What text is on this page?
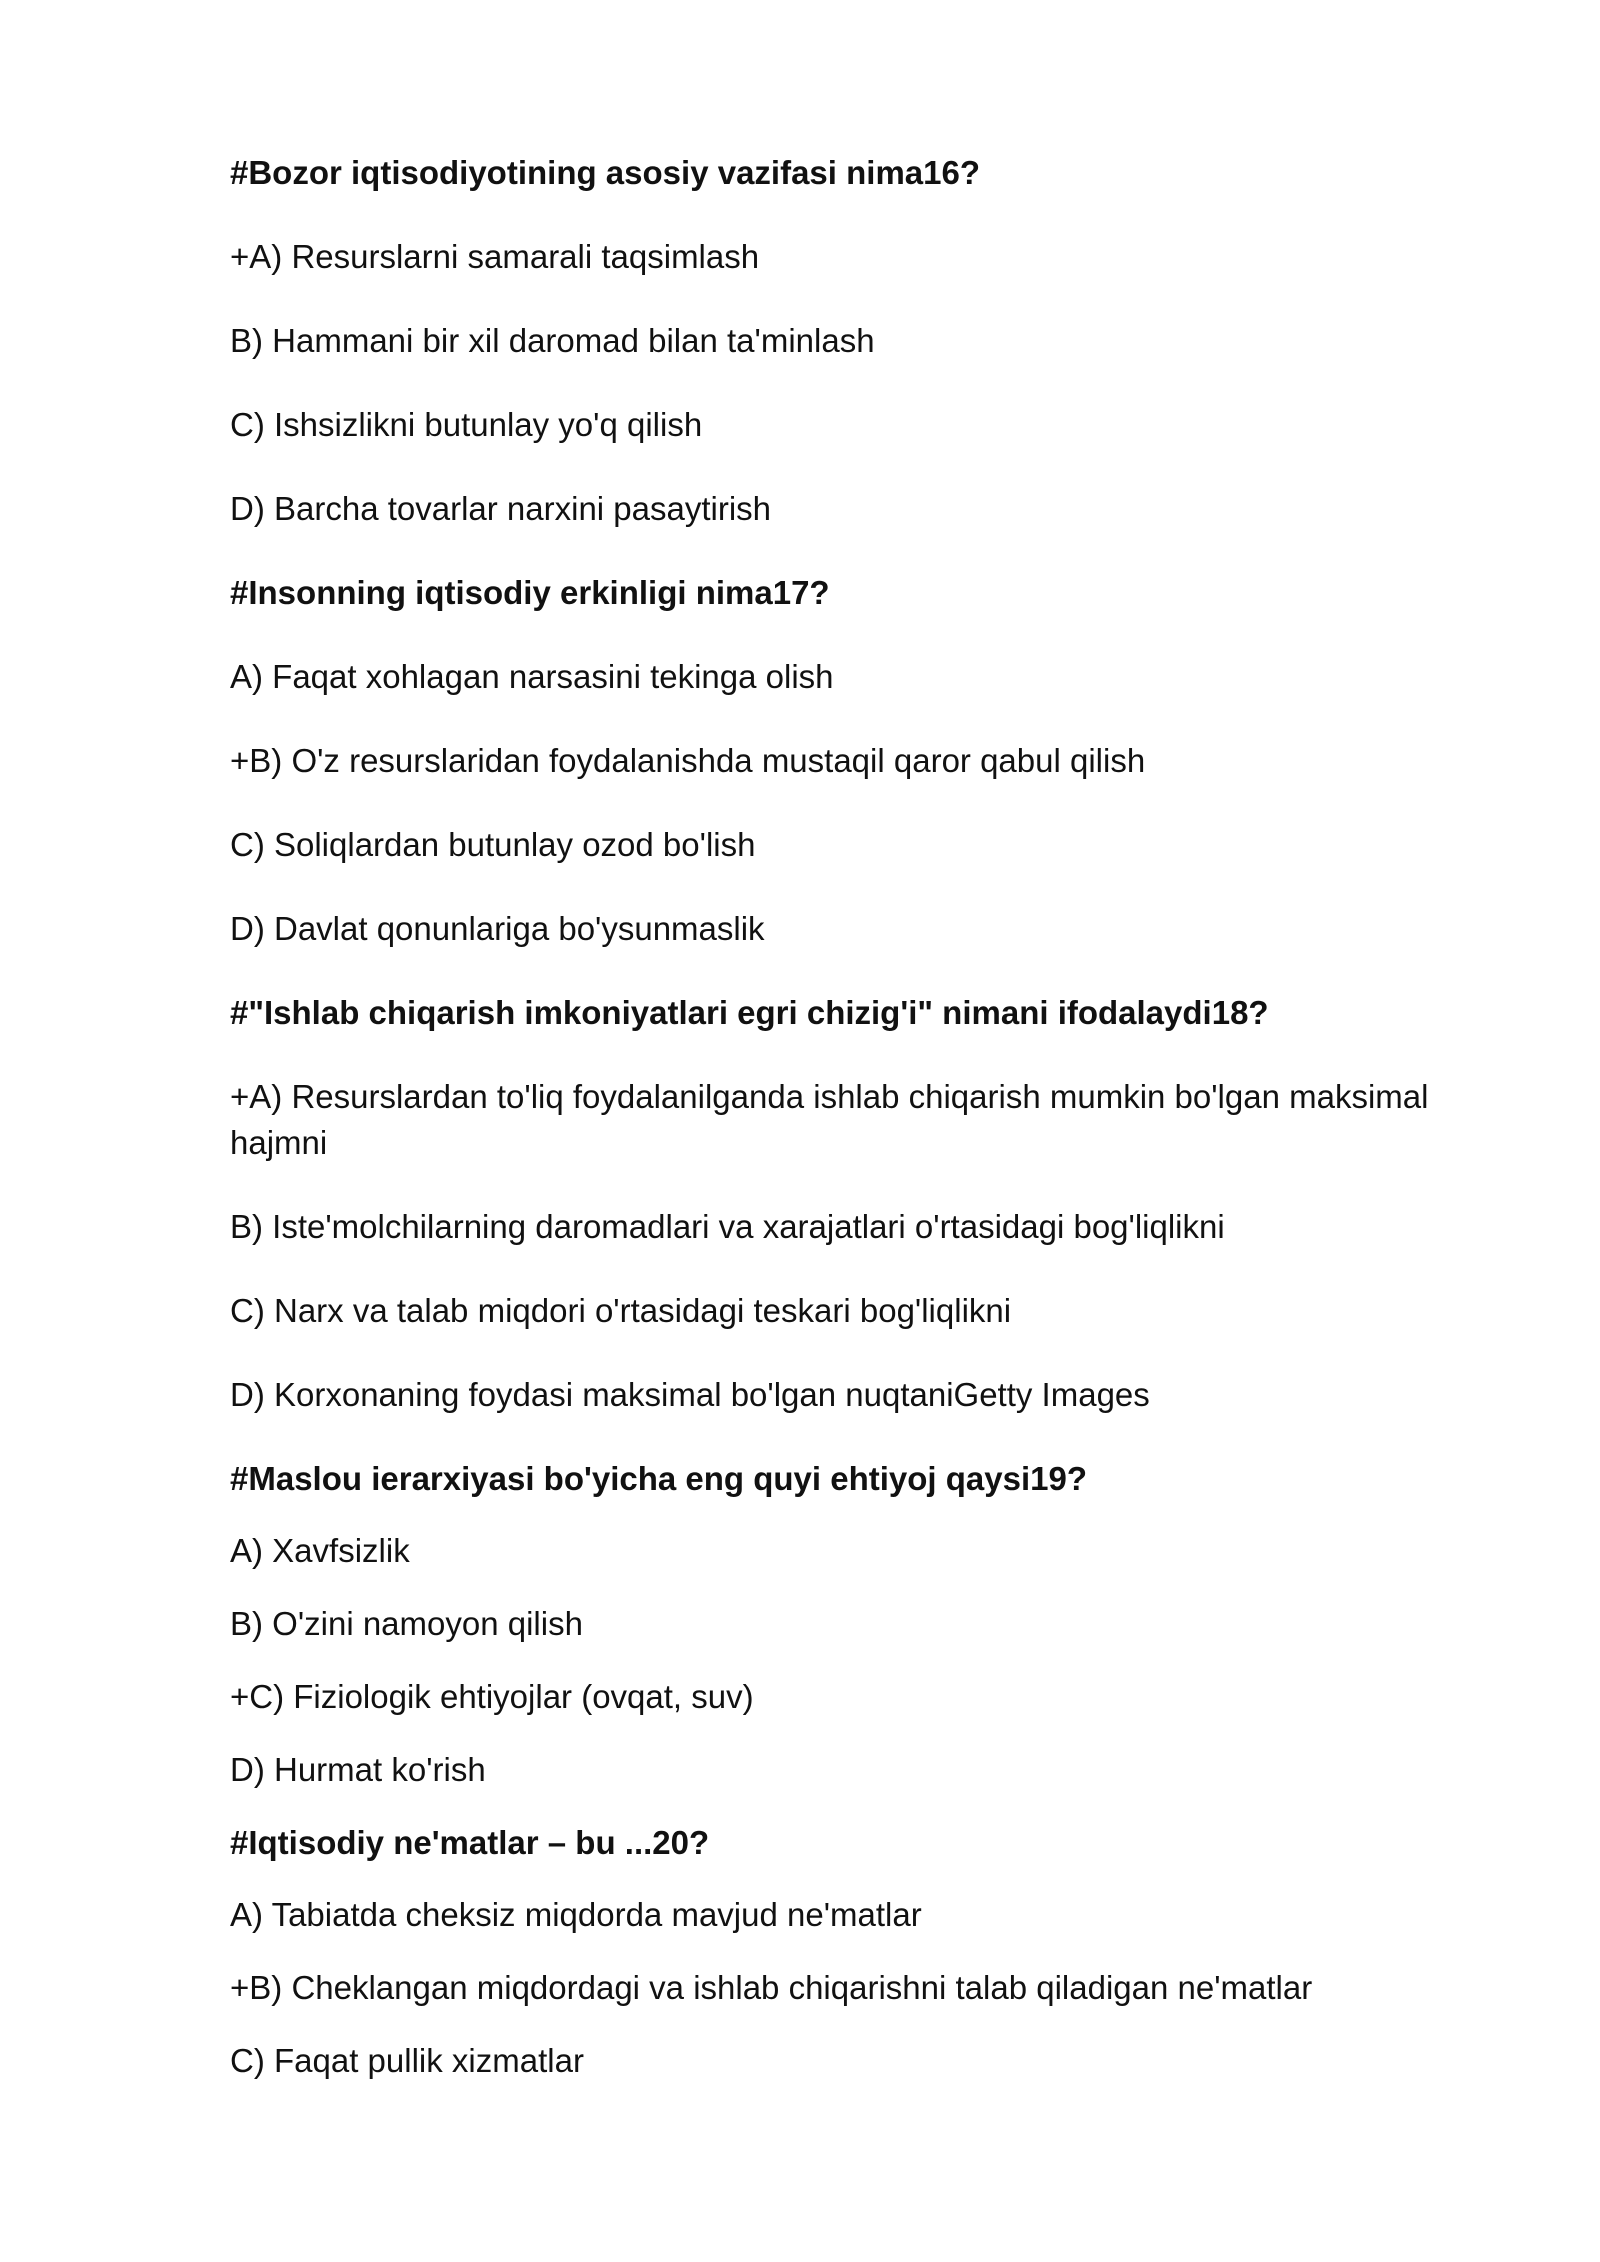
#Bozor iqtisodiyotining asosiy vazifasi nima16?

+A) Resurslarni samarali taqsimlash

B) Hammani bir xil daromad bilan ta'minlash

C) Ishsizlikni butunlay yo'q qilish

D) Barcha tovarlar narxini pasaytirish

#Insonning iqtisodiy erkinligi nima17?

A) Faqat xohlagan narsasini tekinga olish

+B) O'z resurslaridan foydalanishda mustaqil qaror qabul qilish

C) Soliqlardan butunlay ozod bo'lish

D) Davlat qonunlariga bo'ysunmaslik

#"Ishlab chiqarish imkoniyatlari egri chizig'i" nimani ifodalaydi18?

+A) Resurslardan to'liq foydalanilganda ishlab chiqarish mumkin bo'lgan maksimal hajmni

B) Iste'molchilarning daromadlari va xarajatlari o'rtasidagi bog'liqlikni

C) Narx va talab miqdori o'rtasidagi teskari bog'liqlikni

D) Korxonaning foydasi maksimal bo'lgan nuqtaniGetty Images

#Maslou ierarxiyasi bo'yicha eng quyi ehtiyoj qaysi19?

A) Xavfsizlik

B) O'zini namoyon qilish

+C) Fiziologik ehtiyojlar (ovqat, suv)

D) Hurmat ko'rish

#Iqtisodiy ne'matlar – bu ...20?

A) Tabiatda cheksiz miqdorda mavjud ne'matlar

+B) Cheklangan miqdordagi va ishlab chiqarishni talab qiladigan ne'matlar

C) Faqat pullik xizmatlar
